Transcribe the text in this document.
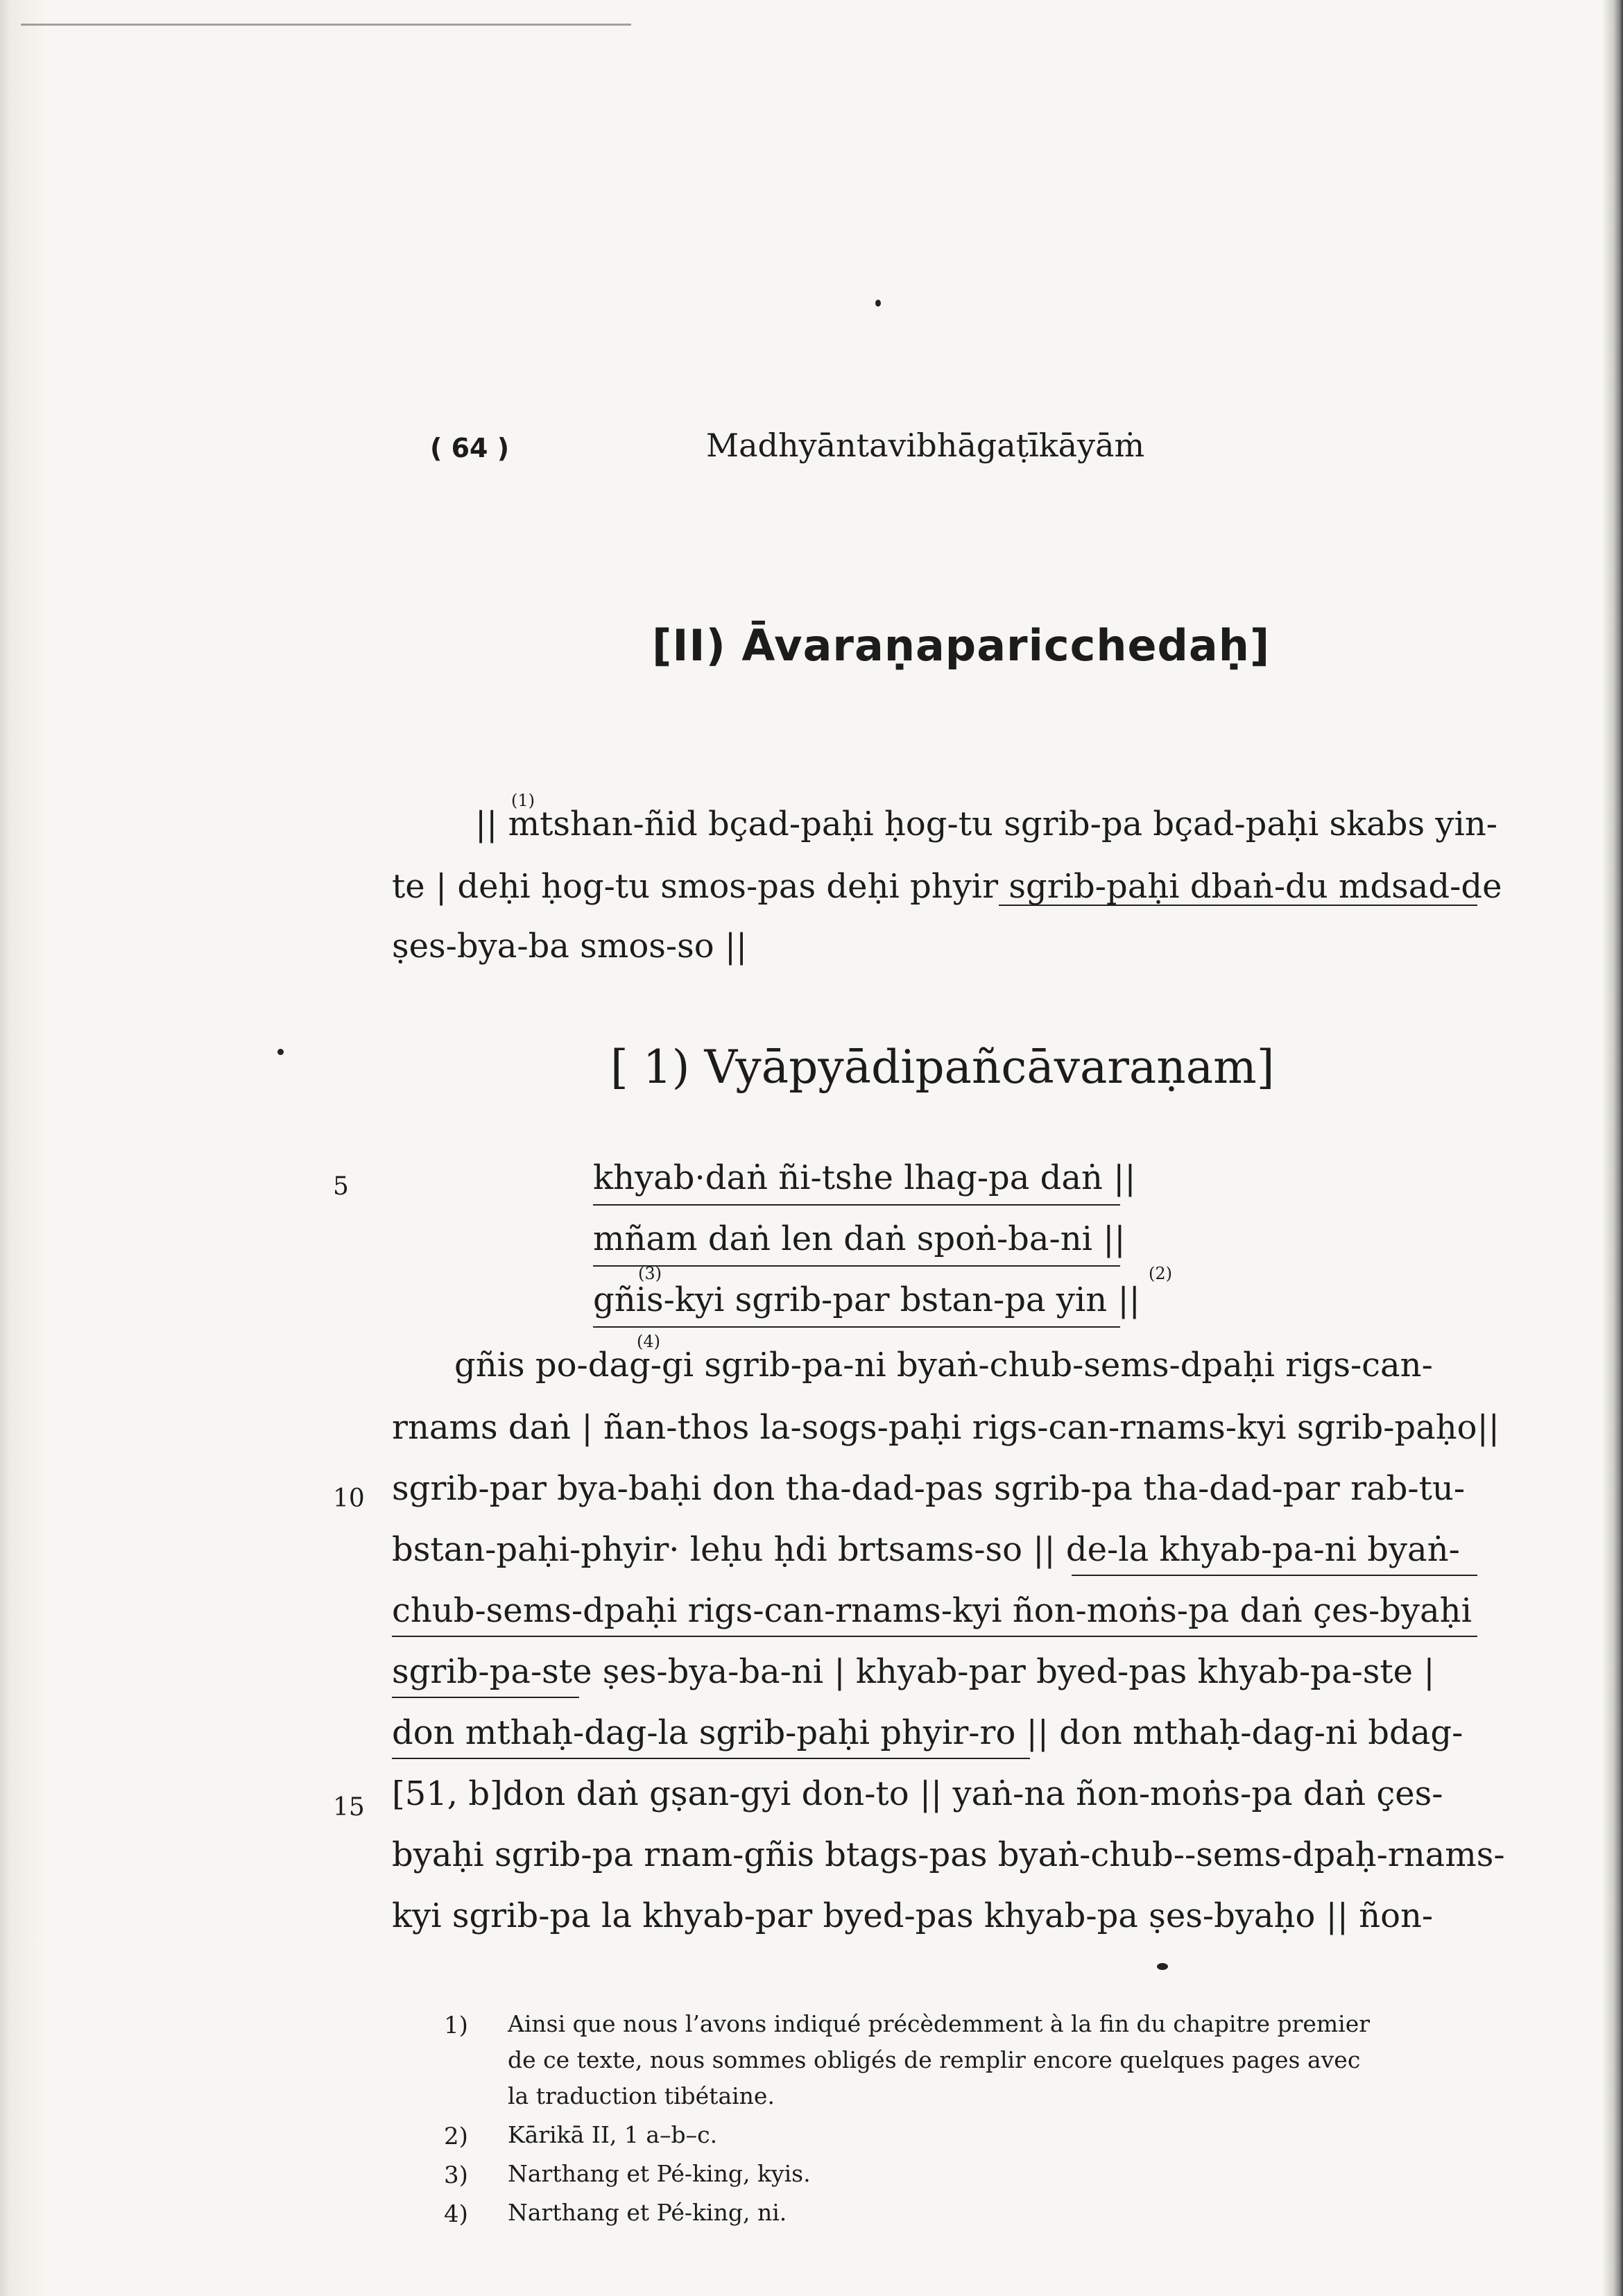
( 64 )	Madhyāntavibhāgaṭīkāyāṁ
[II) Āvaraṇaparicchedaḥ]
(1)
|| mtshan-ñid bçad-paḥi ḥog-tu sgrib-pa bçad-paḥi skabs yin-
te | deḥi ḥog-tu smos-pas deḥi phyir sgrib-paḥi dbaṅ-du mdsad-de
ṣes-bya-ba smos-so ||
[ 1) Vyāpyādipañcāvaraṇam]
5	khyab·daṅ ñi-tshe lhag-pa daṅ ||
mñam daṅ len daṅ spoṅ-ba-ni ||
(3)	(2)
gñis-kyi sgrib-par bstan-pa yin ||
(4)
gñis po-dag-gi sgrib-pa-ni byaṅ-chub-sems-dpaḥi rigs-can-
rnams daṅ | ñan-thos la-sogs-paḥi rigs-can-rnams-kyi sgrib-paḥo||
10 sgrib-par bya-baḥi don tha-dad-pas sgrib-pa tha-dad-par rab-tu-
bstan-paḥi-phyir· leḥu ḥdi brtsams-so || de-la khyab-pa-ni byaṅ-
chub-sems-dpaḥi rigs-can-rnams-kyi ñon-moṅs-pa daṅ çes-byaḥi
sgrib-pa-ste ṣes-bya-ba-ni | khyab-par byed-pas khyab-pa-ste |
don mthaḥ-dag-la sgrib-paḥi phyir-ro || don mthaḥ-dag-ni bdag-
15 [51, b]don daṅ gṣan-gyi don-to || yaṅ-na ñon-moṅs-pa daṅ çes-
byaḥi sgrib-pa rnam-gñis btags-pas byaṅ-chub--sems-dpaḥ-rnams-
kyi sgrib-pa la khyab-par byed-pas khyab-pa ṣes-byaḥo || ñon-
1) Ainsi que nous l’avons indiqué précèdemment à la fin du chapitre premier
de ce texte, nous sommes obligés de remplir encore quelques pages avec
la traduction tibétaine.
2) Kārikā II, 1 a–b–c.
3) Narthang et Pé-king, kyis.
4) Narthang et Pé-king, ni.
